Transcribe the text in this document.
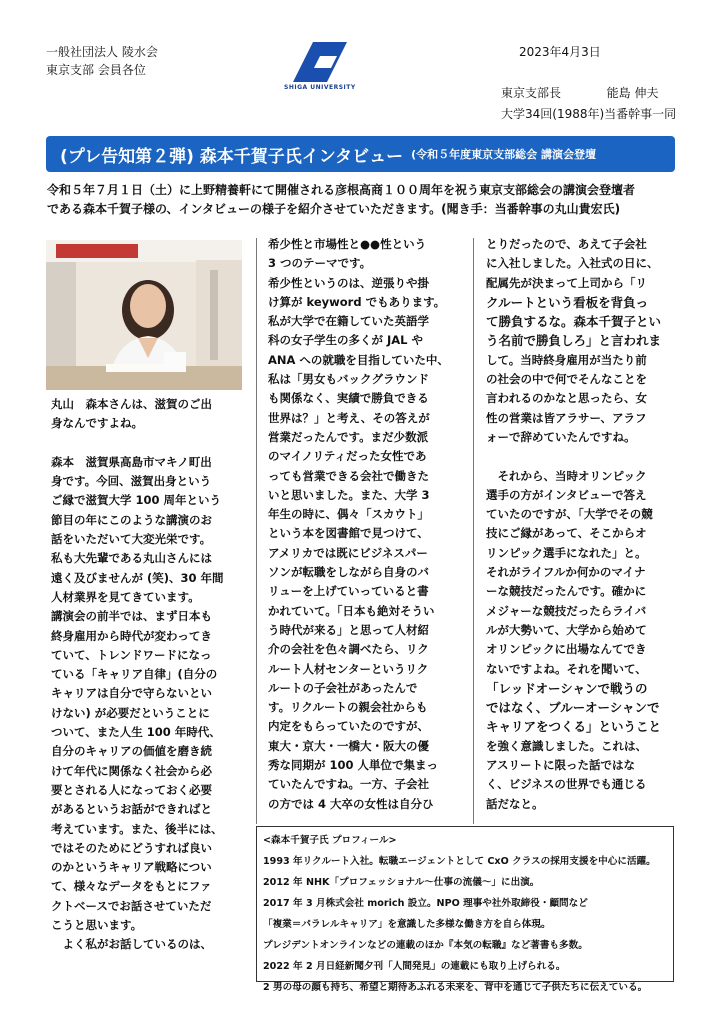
一般社団法人 陵水会
東京支部 会員各位
SHIGA UNIVERSITY
2023年4月3日
東京支部長	能島 伸夫
大学34回(1988年)当番幹事一同
(プレ告知第２弾) 森本千賀子氏インタビュー (令和５年度東京支部総会 講演会登壇

令和５年７月１日（土）に上野精養軒にて開催される彦根高商１００周年を祝う東京支部総会の講演会登壇者

である森本千賀子様の、インタビューの様子を紹介させていただきます。(聞き手：当番幹事の丸山貴宏氏)

丸山　森本さんは、滋賀のご出

身なんですよね。

森本　滋賀県高島市マキノ町出

身です。今回、滋賀出身という

ご縁で滋賀大学 100 周年という

節目の年にこのような講演のお

話をいただいて大変光栄です。

私も大先輩である丸山さんには

遠く及びませんが (笑)、30 年間

人材業界を見てきています。

講演会の前半では、まず日本も

終身雇用から時代が変わってき

ていて、トレンドワードになっ

ている「キャリア自律」(自分の

キャリアは自分で守らないとい

けない) が必要だということに

ついて、また人生 100 年時代、

自分のキャリアの価値を磨き続

けて年代に関係なく社会から必

要とされる人になっておく必要

があるというお話ができればと

考えています。また、後半には、

ではそのためにどうすれば良い

のかというキャリア戦略につい

て、様々なデータをもとにファ

クトベースでお話させていただ

こうと思います。

　よく私がお話しているのは、

希少性と市場性と●●性という

3 つのテーマです。

希少性というのは、逆張りや掛

け算が keyword でもあります。

私が大学で在籍していた英語学

科の女子学生の多くが JAL や

ANA への就職を目指していた中、

私は「男女もバックグラウンド

も関係なく、実績で勝負できる

世界は？」と考え、その答えが

営業だったんです。まだ少数派

のマイノリティだった女性であ

っても営業できる会社で働きた

いと思いました。また、大学 3

年生の時に、偶々「スカウト」

という本を図書館で見つけて、

アメリカでは既にビジネスパー

ソンが転職をしながら自身のバ

リューを上げていっていると書

かれていて。「日本も絶対そうい

う時代が来る」と思って人材紹

介の会社を色々調べたら、リク

ルート人材センターというリク

ルートの子会社があったんで

す。リクルートの親会社からも

内定をもらっていたのですが、

東大・京大・一橋大・阪大の優

秀な同期が 100 人単位で集まっ

ていたんですね。一方、子会社

の方では 4 大卒の女性は自分ひ

とりだったので、あえて子会社

に入社しました。入社式の日に、

配属先が決まって上司から「リ

クルートという看板を背負っ

て勝負するな。森本千賀子とい

う名前で勝負しろ」と言われま

して。当時終身雇用が当たり前

の社会の中で何でそんなことを

言われるのかなと思ったら、女

性の営業は皆アラサー、アラフ

ォーで辞めていたんですね。

　それから、当時オリンピック

選手の方がインタビューで答え

ていたのですが、「大学でその競

技にご縁があって、そこからオ

リンピック選手になれた」と。

それがライフルか何かのマイナ

ーな競技だったんです。確かに

メジャーな競技だったらライバ

ルが大勢いて、大学から始めて

オリンピックに出場なんてでき

ないですよね。それを聞いて、

「レッドオーシャンで戦うの

ではなく、ブルーオーシャンで

キャリアをつくる」ということ

を強く意識しました。これは、

アスリートに限った話ではな

く、ビジネスの世界でも通じる

話だなと。

<森本千賀子氏 プロフィール>

1993 年リクルート入社。転職エージェントとして CxO クラスの採用支援を中心に活躍。

2012 年 NHK「プロフェッショナル～仕事の流儀～」に出演。

2017 年 3 月株式会社 morich 設立。NPO 理事や社外取締役・顧問など

「複業＝パラレルキャリア」を意識した多様な働き方を自ら体現。

プレジデントオンラインなどの連載のほか『本気の転職』など著書も多数。

2022 年 2 月日経新聞夕刊「人間発見」の連載にも取り上げられる。

2 男の母の顔も持ち、希望と期待あふれる未来を、背中を通じて子供たちに伝えている。
